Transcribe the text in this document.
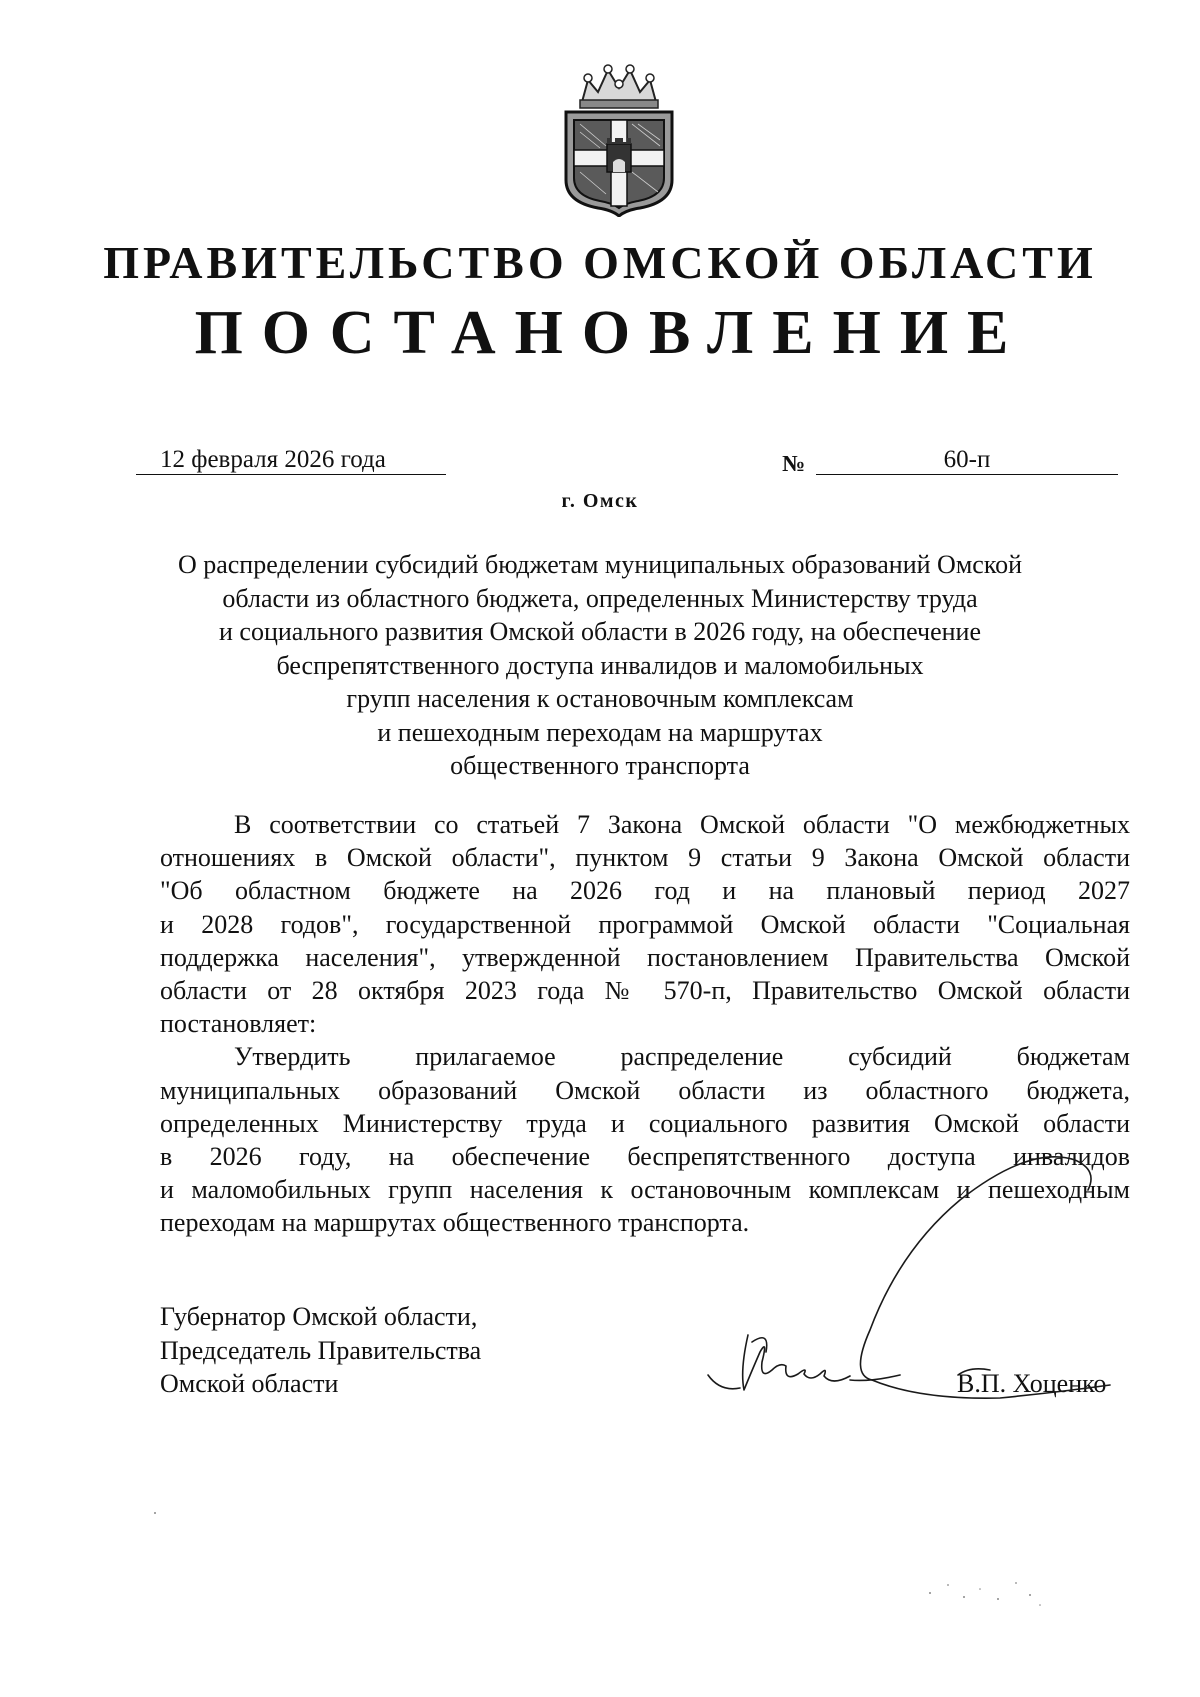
ПРАВИТЕЛЬСТВО ОМСКОЙ ОБЛАСТИ
ПОСТАНОВЛЕНИЕ
12 февраля 2026 года	№	60-п
г. Омск
О распределении субсидий бюджетам муниципальных образований Омской
области из областного бюджета, определенных Министерству труда
и социального развития Омской области в 2026 году, на обеспечение
беспрепятственного доступа инвалидов и маломобильных
групп населения к остановочным комплексам
и пешеходным переходам на маршрутах
общественного транспорта
В соответствии со статьей 7 Закона Омской области "О межбюджетных
отношениях в Омской области", пунктом 9 статьи 9 Закона Омской области
"Об областном бюджете на 2026 год и на плановый период 2027
и 2028 годов", государственной программой Омской области "Социальная
поддержка населения", утвержденной постановлением Правительства Омской
области от 28 октября 2023 года № 570-п, Правительство Омской области
постановляет:
Утвердить прилагаемое распределение субсидий бюджетам
муниципальных образований Омской области из областного бюджета,
определенных Министерству труда и социального развития Омской области
в 2026 году, на обеспечение беспрепятственного доступа инвалидов
и маломобильных групп населения к остановочным комплексам и пешеходным
переходам на маршрутах общественного транспорта.
Губернатор Омской области,
Председатель Правительства
Омской области	В.П. Хоценко
